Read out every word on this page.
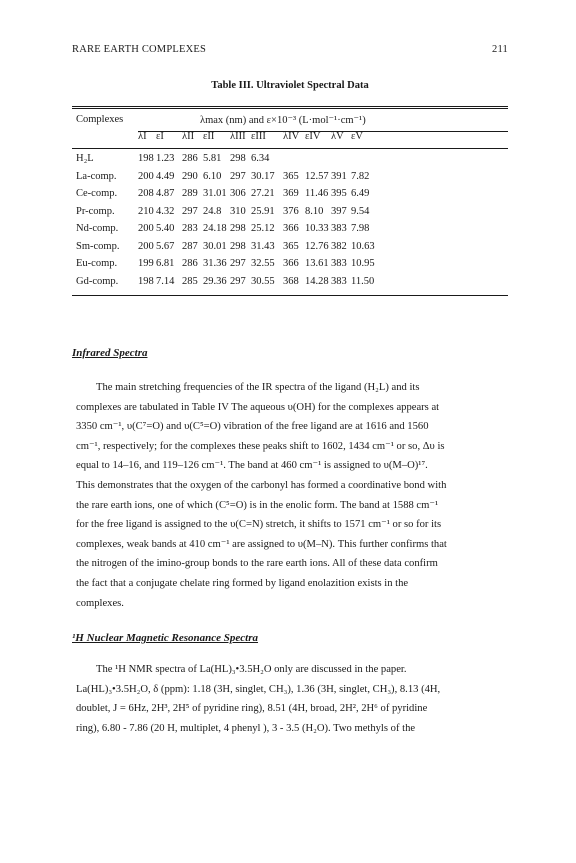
RARE EARTH COMPLEXES	211
Table III. Ultraviolet Spectral Data
Complexes	λmax (nm) and ε×10⁻³ (L·mol⁻¹·cm⁻¹)
λI εI λII εII λIII εIII λIV εIV λV εV
H₂L	198 1.23 286 5.81 298 6.34
La-comp. 200 4.49 290 6.10 297 30.17 365 12.57 391 7.82
Ce-comp. 208 4.87 289 31.01 306 27.21 369 11.46 395 6.49
Pr-comp. 210 4.32 297 24.8 310 25.91 376 8.10 397 9.54
Nd-comp. 200 5.40 283 24.18 298 25.12 366 10.33 383 7.98
Sm-comp. 200 5.67 287 30.01 298 31.43 365 12.76 382 10.63
Eu-comp. 199 6.81 286 31.36 297 32.55 366 13.61 383 10.95
Gd-comp. 198 7.14 285 29.36 297 30.55 368 14.28 383 11.50
Infrared Spectra
The main stretching frequencies of the IR spectra of the ligand (H₂L) and its
complexes are tabulated in Table IV The aqueous υ(OH) for the complexes appears at
3350 cm⁻¹, υ(C⁷=O) and υ(C⁵=O) vibration of the free ligand are at 1616 and 1560
cm⁻¹, respectively; for the complexes these peaks shift to 1602, 1434 cm⁻¹ or so, Δυ is
equal to 14–16, and 119–126 cm⁻¹. The band at 460 cm⁻¹ is assigned to υ(M–O)¹⁷.
This demonstrates that the oxygen of the carbonyl has formed a coordinative bond with
the rare earth ions, one of which (C⁵=O) is in the enolic form. The band at 1588 cm⁻¹
for the free ligand is assigned to the υ(C=N) stretch, it shifts to 1571 cm⁻¹ or so for its
complexes, weak bands at 410 cm⁻¹ are assigned to υ(M–N). This further confirms that
the nitrogen of the imino-group bonds to the rare earth ions. All of these data confirm
the fact that a conjugate chelate ring formed by ligand enolazition exists in the
complexes.
¹H Nuclear Magnetic Resonance Spectra
The ¹H NMR spectra of La(HL)₃•3.5H₂O only are discussed in the paper.
La(HL)₃•3.5H₂O, δ (ppm): 1.18 (3H, singlet, CH₃), 1.36 (3H, singlet, CH₃), 8.13 (4H,
doublet, J = 6Hz, 2H³, 2H⁵ of pyridine ring), 8.51 (4H, broad, 2H², 2H⁶ of pyridine
ring), 6.80 - 7.86 (20 H, multiplet, 4 phenyl ), 3 - 3.5 (H₂O). Two methyls of the
